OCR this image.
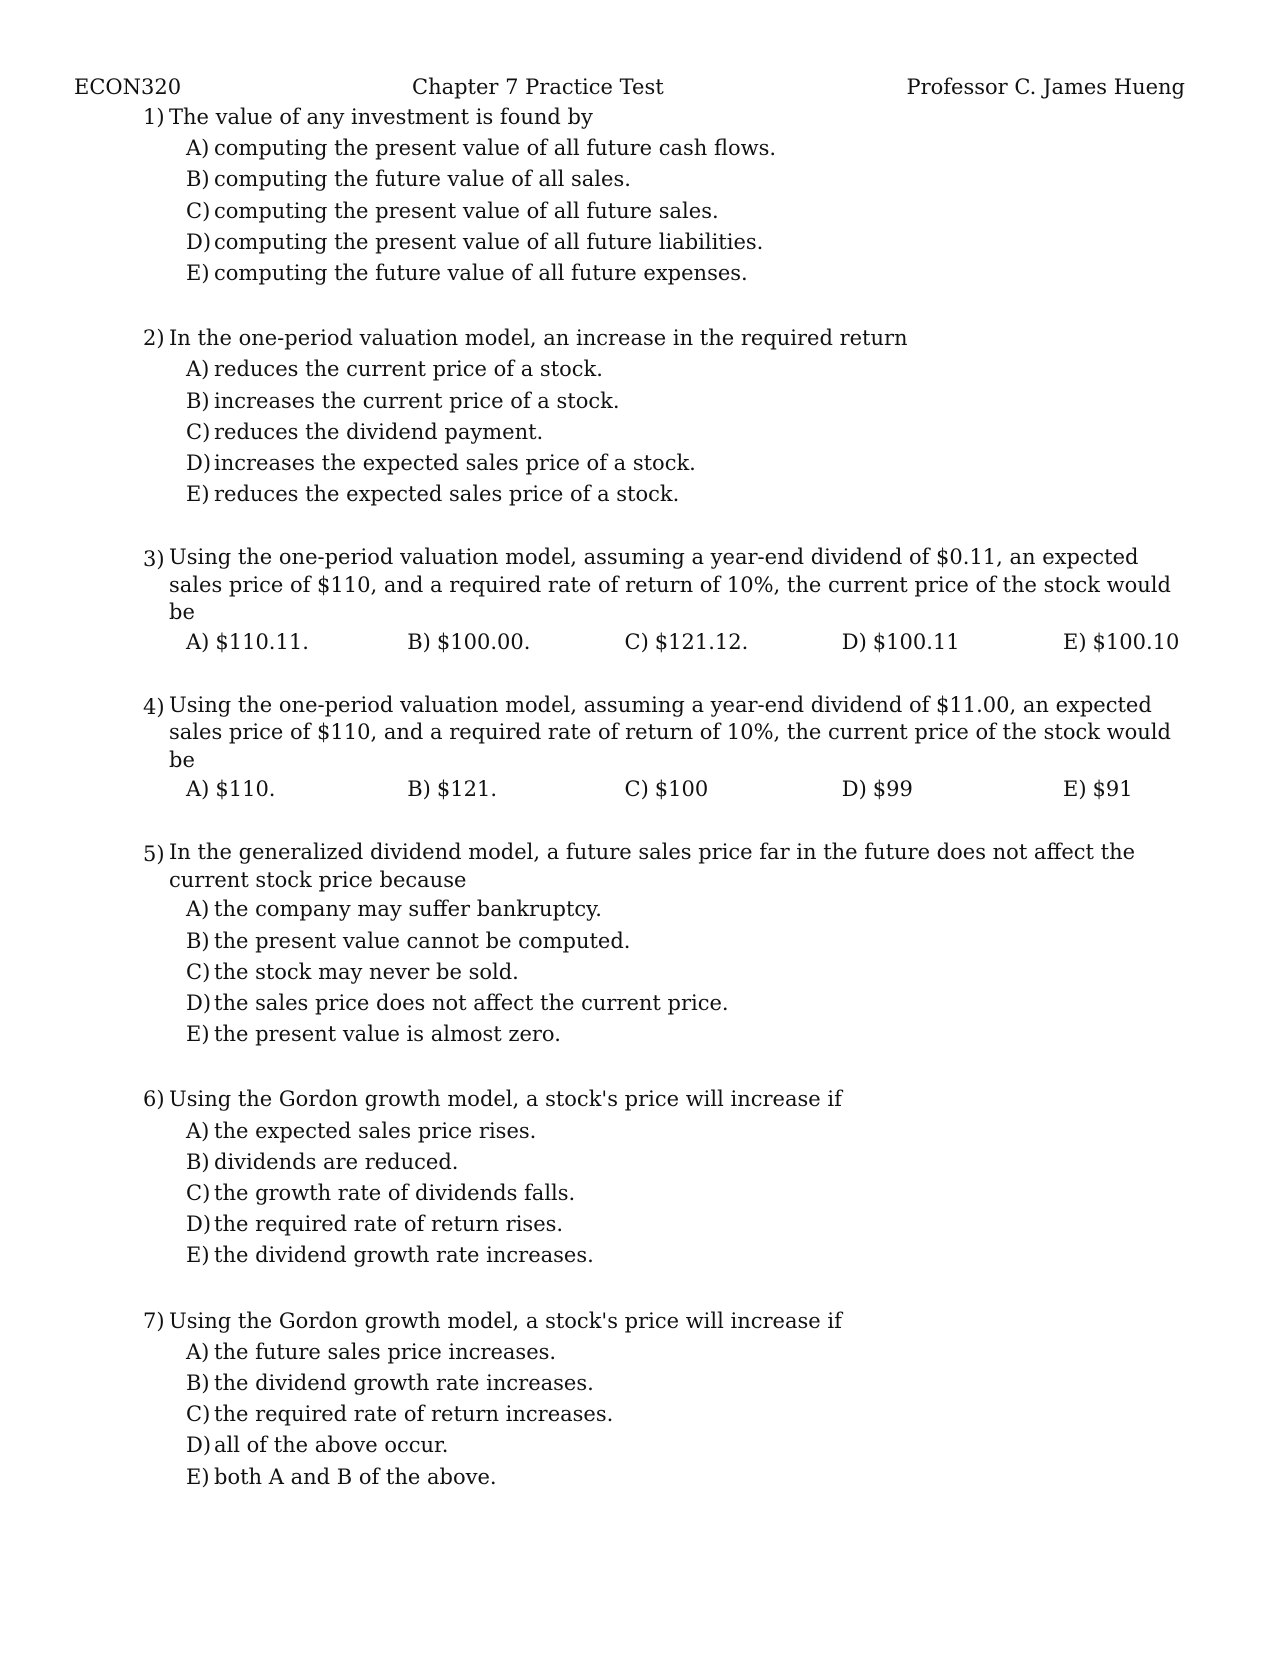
ECON320	Chapter 7 Practice Test	Professor C. James Hueng
1) The value of any investment is found by
A) computing the present value of all future cash flows.
B) computing the future value of all sales.
C) computing the present value of all future sales.
D) computing the present value of all future liabilities.
E) computing the future value of all future expenses.
2) In the one-period valuation model, an increase in the required return
A) reduces the current price of a stock.
B) increases the current price of a stock.
C) reduces the dividend payment.
D) increases the expected sales price of a stock.
E) reduces the expected sales price of a stock.
3) Using the one-period valuation model, assuming a year-end dividend of $0.11, an expected sales price of $110, and a required rate of return of 10%, the current price of the stock would be
A) $110.11.	B) $100.00.	C) $121.12.	D) $100.11	E) $100.10
4) Using the one-period valuation model, assuming a year-end dividend of $11.00, an expected sales price of $110, and a required rate of return of 10%, the current price of the stock would be
A) $110.	B) $121.	C) $100	D) $99	E) $91
5) In the generalized dividend model, a future sales price far in the future does not affect the current stock price because
A) the company may suffer bankruptcy.
B) the present value cannot be computed.
C) the stock may never be sold.
D) the sales price does not affect the current price.
E) the present value is almost zero.
6) Using the Gordon growth model, a stock's price will increase if
A) the expected sales price rises.
B) dividends are reduced.
C) the growth rate of dividends falls.
D) the required rate of return rises.
E) the dividend growth rate increases.
7) Using the Gordon growth model, a stock's price will increase if
A) the future sales price increases.
B) the dividend growth rate increases.
C) the required rate of return increases.
D) all of the above occur.
E) both A and B of the above.
